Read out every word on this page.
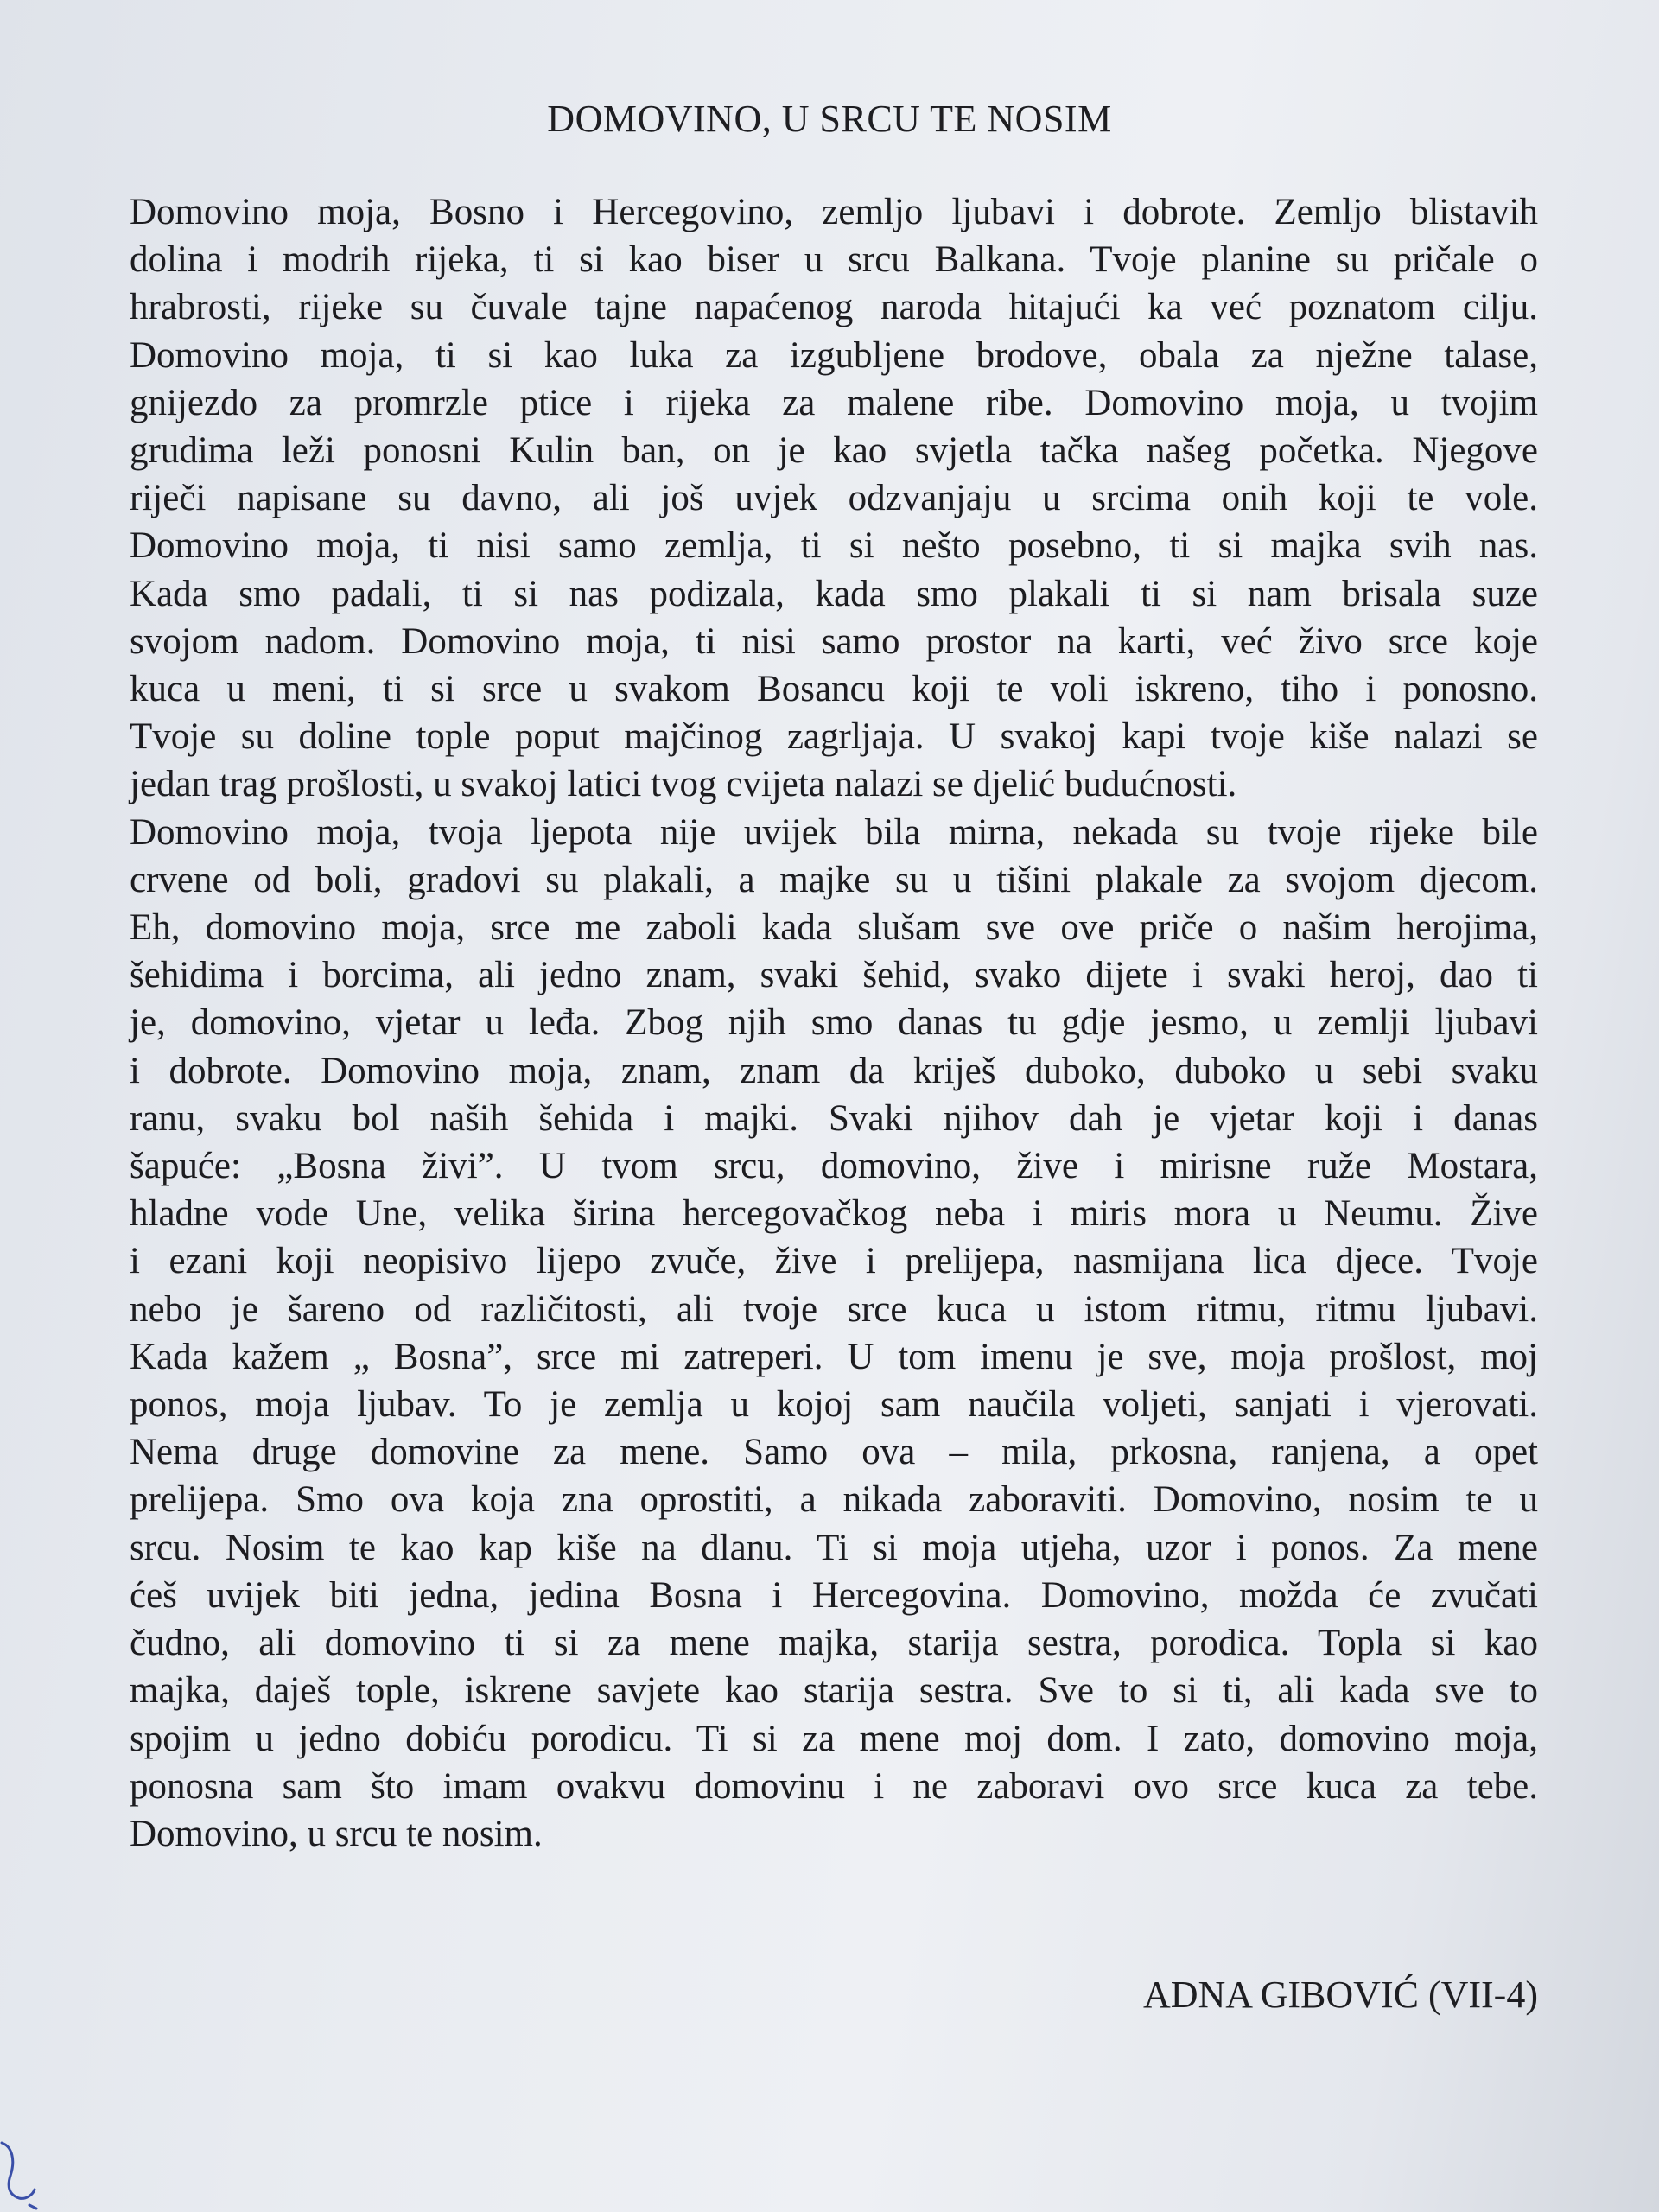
DOMOVINO, U SRCU TE NOSIM
Domovino moja, Bosno i Hercegovino, zemljo ljubavi i dobrote. Zemljo blistavih
dolina i modrih rijeka, ti si kao biser u srcu Balkana. Tvoje planine su pričale o
hrabrosti, rijeke su čuvale tajne napaćenog naroda hitajući ka već poznatom cilju.
Domovino moja, ti si kao luka za izgubljene brodove, obala za nježne talase,
gnijezdo za promrzle ptice i rijeka za malene ribe. Domovino moja, u tvojim
grudima leži ponosni Kulin ban, on je kao svjetla tačka našeg početka. Njegove
riječi napisane su davno, ali još uvjek odzvanjaju u srcima onih koji te vole.
Domovino moja, ti nisi samo zemlja, ti si nešto posebno, ti si majka svih nas.
Kada smo padali, ti si nas podizala, kada smo plakali ti si nam brisala suze
svojom nadom. Domovino moja, ti nisi samo prostor na karti, već živo srce koje
kuca u meni, ti si srce u svakom Bosancu koji te voli iskreno, tiho i ponosno.
Tvoje su doline tople poput majčinog zagrljaja. U svakoj kapi tvoje kiše nalazi se
jedan trag prošlosti, u svakoj latici tvog cvijeta nalazi se djelić budućnosti.
Domovino moja, tvoja ljepota nije uvijek bila mirna, nekada su tvoje rijeke bile
crvene od boli, gradovi su plakali, a majke su u tišini plakale za svojom djecom.
Eh, domovino moja, srce me zaboli kada slušam sve ove priče o našim herojima,
šehidima i borcima, ali jedno znam, svaki šehid, svako dijete i svaki heroj, dao ti
je, domovino, vjetar u leđa. Zbog njih smo danas tu gdje jesmo, u zemlji ljubavi
i dobrote. Domovino moja, znam, znam da kriješ duboko, duboko u sebi svaku
ranu, svaku bol naših šehida i majki. Svaki njihov dah je vjetar koji i danas
šapuće: „Bosna živi”. U tvom srcu, domovino, žive i mirisne ruže Mostara,
hladne vode Une, velika širina hercegovačkog neba i miris mora u Neumu. Žive
i ezani koji neopisivo lijepo zvuče, žive i prelijepa, nasmijana lica djece. Tvoje
nebo je šareno od različitosti, ali tvoje srce kuca u istom ritmu, ritmu ljubavi.
Kada kažem „ Bosna”, srce mi zatreperi. U tom imenu je sve, moja prošlost, moj
ponos, moja ljubav. To je zemlja u kojoj sam naučila voljeti, sanjati i vjerovati.
Nema druge domovine za mene. Samo ova – mila, prkosna, ranjena, a opet
prelijepa. Smo ova koja zna oprostiti, a nikada zaboraviti. Domovino, nosim te u
srcu. Nosim te kao kap kiše na dlanu. Ti si moja utjeha, uzor i ponos. Za mene
ćeš uvijek biti jedna, jedina Bosna i Hercegovina. Domovino, možda će zvučati
čudno, ali domovino ti si za mene majka, starija sestra, porodica. Topla si kao
majka, daješ tople, iskrene savjete kao starija sestra. Sve to si ti, ali kada sve to
spojim u jedno dobiću porodicu. Ti si za mene moj dom. I zato, domovino moja,
ponosna sam što imam ovakvu domovinu i ne zaboravi ovo srce kuca za tebe.
Domovino, u srcu te nosim.
ADNA GIBOVIĆ (VII-4)
